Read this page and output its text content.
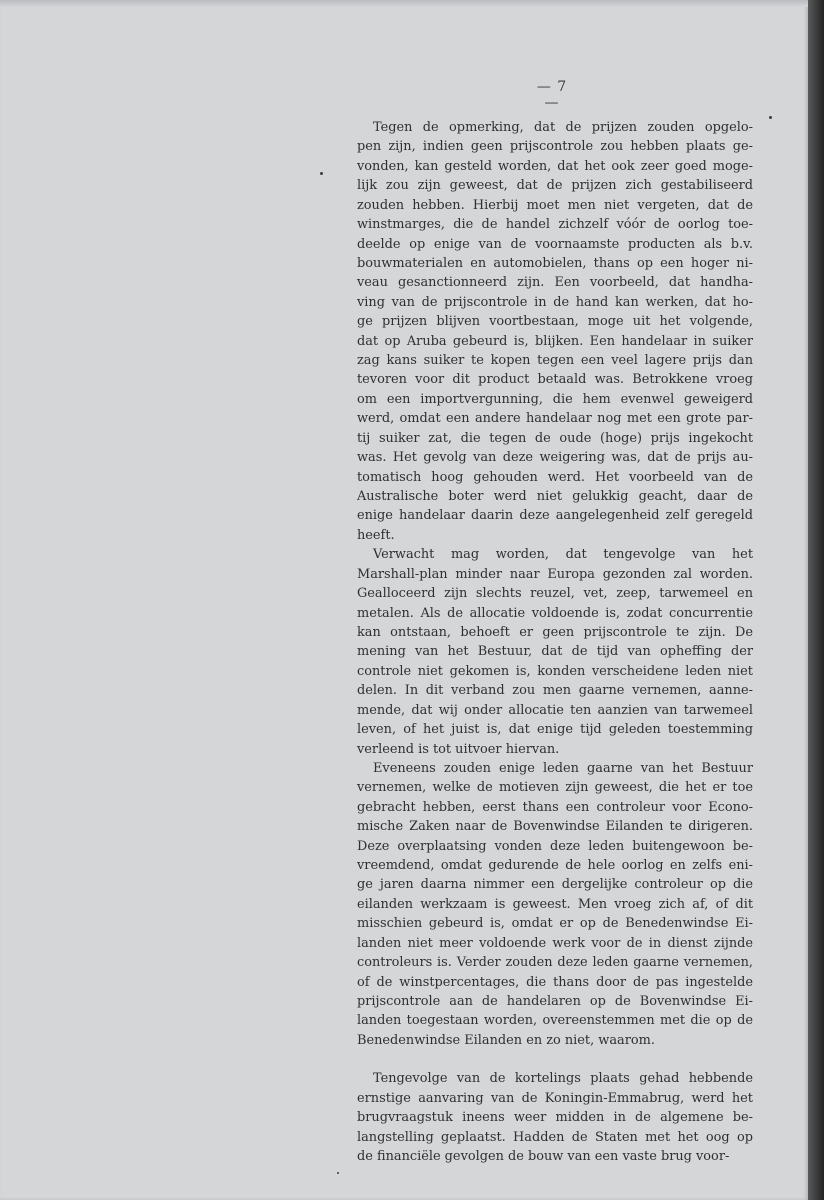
— 7 —

Tegen de opmerking, dat de prijzen zouden opgelo-
pen zijn, indien geen prijscontrole zou hebben plaats ge-
vonden, kan gesteld worden, dat het ook zeer goed moge-
lijk zou zijn geweest, dat de prijzen zich gestabiliseerd
zouden hebben. Hierbij moet men niet vergeten, dat de
winstmarges, die de handel zichzelf vóór de oorlog toe-
deelde op enige van de voornaamste producten als b.v.
bouwmaterialen en automobielen, thans op een hoger ni-
veau gesanctionneerd zijn. Een voorbeeld, dat handha-
ving van de prijscontrole in de hand kan werken, dat ho-
ge prijzen blijven voortbestaan, moge uit het volgende,
dat op Aruba gebeurd is, blijken. Een handelaar in suiker
zag kans suiker te kopen tegen een veel lagere prijs dan
tevoren voor dit product betaald was. Betrokkene vroeg
om een importvergunning, die hem evenwel geweigerd
werd, omdat een andere handelaar nog met een grote par-
tij suiker zat, die tegen de oude (hoge) prijs ingekocht
was. Het gevolg van deze weigering was, dat de prijs au-
tomatisch hoog gehouden werd. Het voorbeeld van de
Australische boter werd niet gelukkig geacht, daar de
enige handelaar daarin deze aangelegenheid zelf geregeld
heeft.

Verwacht mag worden, dat tengevolge van het
Marshall-plan minder naar Europa gezonden zal worden.
Gealloceerd zijn slechts reuzel, vet, zeep, tarwemeel en
metalen. Als de allocatie voldoende is, zodat concurrentie
kan ontstaan, behoeft er geen prijscontrole te zijn. De
mening van het Bestuur, dat de tijd van opheffing der
controle niet gekomen is, konden verscheidene leden niet
delen. In dit verband zou men gaarne vernemen, aanne-
mende, dat wij onder allocatie ten aanzien van tarwemeel
leven, of het juist is, dat enige tijd geleden toestemming
verleend is tot uitvoer hiervan.

Eveneens zouden enige leden gaarne van het Bestuur
vernemen, welke de motieven zijn geweest, die het er toe
gebracht hebben, eerst thans een controleur voor Econo-
mische Zaken naar de Bovenwindse Eilanden te dirigeren.
Deze overplaatsing vonden deze leden buitengewoon be-
vreemdend, omdat gedurende de hele oorlog en zelfs eni-
ge jaren daarna nimmer een dergelijke controleur op die
eilanden werkzaam is geweest. Men vroeg zich af, of dit
misschien gebeurd is, omdat er op de Benedenwindse Ei-
landen niet meer voldoende werk voor de in dienst zijnde
controleurs is. Verder zouden deze leden gaarne vernemen,
of de winstpercentages, die thans door de pas ingestelde
prijscontrole aan de handelaren op de Bovenwindse Ei-
landen toegestaan worden, overeenstemmen met die op de
Benedenwindse Eilanden en zo niet, waarom.

Tengevolge van de kortelings plaats gehad hebbende
ernstige aanvaring van de Koningin-Emmabrug, werd het
brugvraagstuk ineens weer midden in de algemene be-
langstelling geplaatst. Hadden de Staten met het oog op
de financiële gevolgen de bouw van een vaste brug voor-
